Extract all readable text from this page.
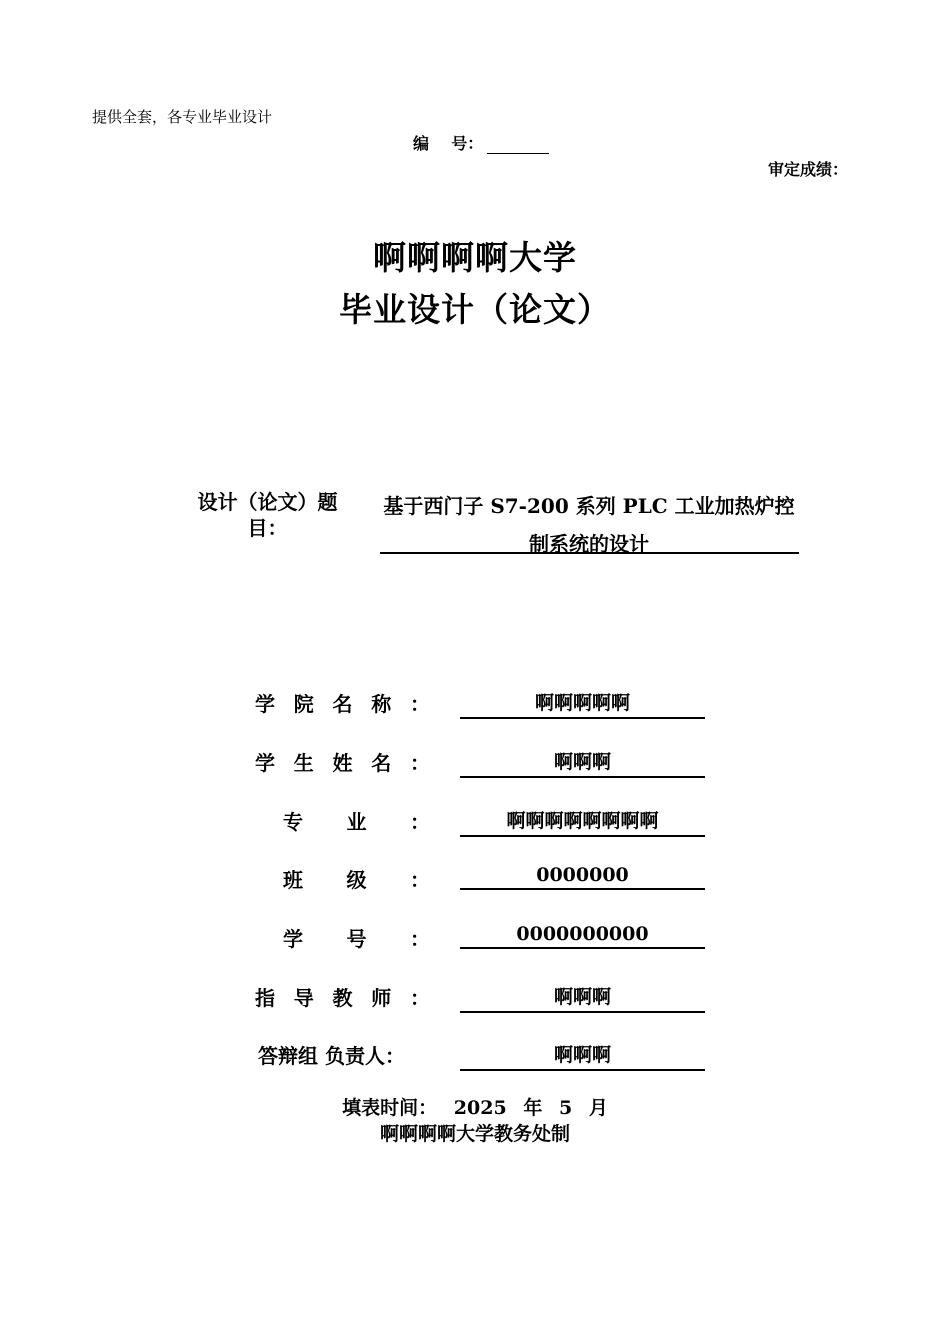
提供全套，各专业毕业设计
编    号：
审定成绩：
啊啊啊啊大学
毕业设计（论文）
设计（论文）题目：
基于西门子 S7-200 系列 PLC 工业加热炉控制系统的设计
学院名称：	啊啊啊啊啊
学生姓名：	啊啊啊
专业：	啊啊啊啊啊啊啊啊
班级：	0000000
学号：	0000000000
指导教师：	啊啊啊
答辩组 负责人：	啊啊啊
填表时间： 2025 年 5 月
啊啊啊啊大学教务处制
